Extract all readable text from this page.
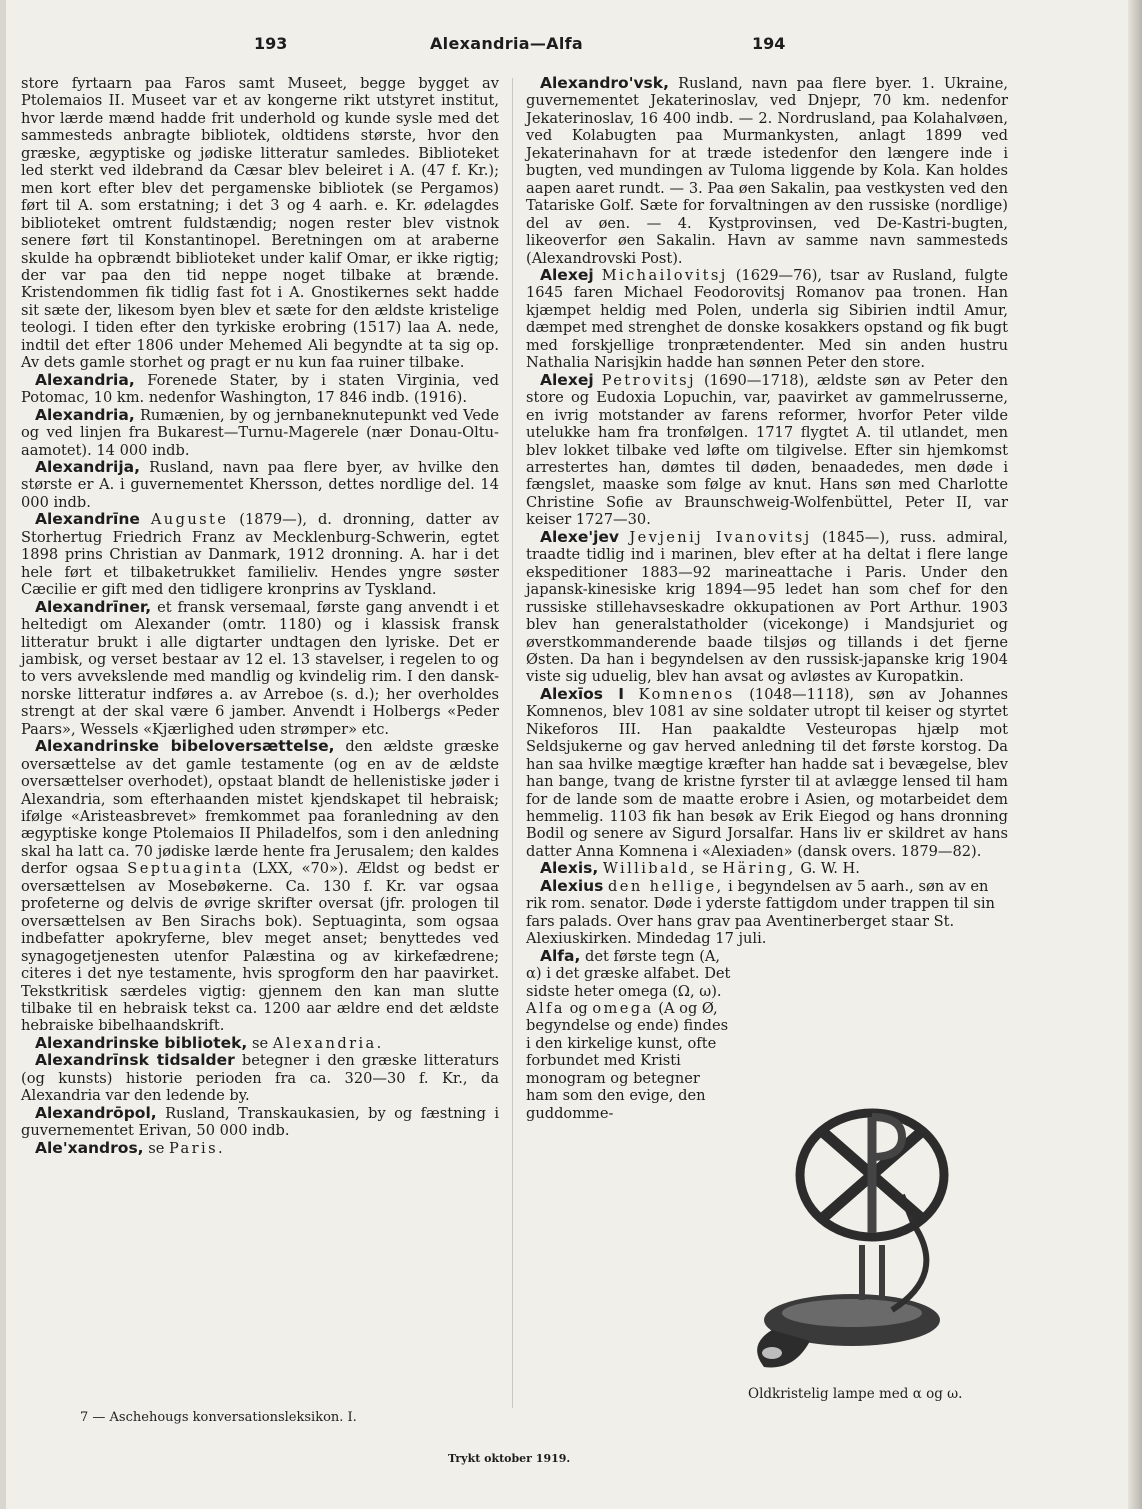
193	Alexandria—Alfa	194

store fyrtaarn paa Faros samt Museet, begge bygget av Ptolemaios II. Museet var et av kongerne rikt utstyret institut, hvor lærde mænd hadde frit underhold og kunde sysle med det sammesteds anbragte bibliotek, oldtidens største, hvor den græske, ægyptiske og jødiske litteratur samledes. Biblioteket led sterkt ved ildebrand da Cæsar blev beleiret i A. (47 f. Kr.); men kort efter blev det pergamenske bibliotek (se Pergamos) ført til A. som erstatning; i det 3 og 4 aarh. e. Kr. ødelagdes biblioteket omtrent fuldstændig; nogen rester blev vistnok senere ført til Konstantinopel. Beretningen om at araberne skulde ha opbrændt biblioteket under kalif Omar, er ikke rigtig; der var paa den tid neppe noget tilbake at brænde. Kristendommen fik tidlig fast fot i A. Gnostikernes sekt hadde sit sæte der, likesom byen blev et sæte for den ældste kristelige teologi. I tiden efter den tyrkiske erobring (1517) laa A. nede, indtil det efter 1806 under Mehemed Ali begyndte at ta sig op. Av dets gamle storhet og pragt er nu kun faa ruiner tilbake.

Alexandria, Forenede Stater, by i staten Virginia, ved Potomac, 10 km. nedenfor Washington, 17 846 indb. (1916).

Alexandria, Rumænien, by og jernbaneknutepunkt ved Vede og ved linjen fra Bukarest—Turnu-Magerele (nær Donau-Oltu-aamotet). 14 000 indb.

Alexandrija, Rusland, navn paa flere byer, av hvilke den største er A. i guvernementet Khersson, dettes nordlige del. 14 000 indb.

Alexandrīne Auguste (1879—), d. dronning, datter av Storhertug Friedrich Franz av Mecklenburg-Schwerin, egtet 1898 prins Christian av Danmark, 1912 dronning. A. har i det hele ført et tilbaketrukket familieliv. Hendes yngre søster Cæcilie er gift med den tidligere kronprins av Tyskland.

Alexandrīner, et fransk versemaal, første gang anvendt i et heltedigt om Alexander (omtr. 1180) og i klassisk fransk litteratur brukt i alle digtarter undtagen den lyriske. Det er jambisk, og verset bestaar av 12 el. 13 stavelser, i regelen to og to vers avvekslende med mandlig og kvindelig rim. I den dansk-norske litteratur indføres a. av Arreboe (s. d.); her overholdes strengt at der skal være 6 jamber. Anvendt i Holbergs «Peder Paars», Wessels «Kjærlighed uden strømper» etc.

Alexandrinske bibeloversættelse, den ældste græske oversættelse av det gamle testamente (og en av de ældste oversættelser overhodet), opstaat blandt de hellenistiske jøder i Alexandria, som efterhaanden mistet kjendskapet til hebraisk; ifølge «Aristeasbrevet» fremkommet paa foranledning av den ægyptiske konge Ptolemaios II Philadelfos, som i den anledning skal ha latt ca. 70 jødiske lærde hente fra Jerusalem; den kaldes derfor ogsaa Septuaginta (LXX, «70»). Ældst og bedst er oversættelsen av Mosebøkerne. Ca. 130 f. Kr. var ogsaa profeterne og delvis de øvrige skrifter oversat (jfr. prologen til oversættelsen av Ben Sirachs bok). Septuaginta, som ogsaa indbefatter apokryferne, blev meget anset; benyttedes ved synagogetjenesten utenfor Palæstina og av kirkefædrene; citeres i det nye testamente, hvis sprogform den har paavirket. Tekstkritisk særdeles vigtig: gjennem den kan man slutte tilbake til en hebraisk tekst ca. 1200 aar ældre end det ældste hebraiske bibelhaandskrift.

Alexandrinske bibliotek, se Alexandria.

Alexandrīnsk tidsalder betegner i den græske litteraturs (og kunsts) historie perioden fra ca. 320—30 f. Kr., da Alexandria var den ledende by.

Alexandrōpol, Rusland, Transkaukasien, by og fæstning i guvernementet Erivan, 50 000 indb.

Ale'xandros, se Paris.

Alexandro'vsk, Rusland, navn paa flere byer. 1. Ukraine, guvernementet Jekaterinoslav, ved Dnjepr, 70 km. nedenfor Jekaterinoslav, 16 400 indb. — 2. Nordrusland, paa Kolahalvøen, ved Kolabugten paa Murmankysten, anlagt 1899 ved Jekaterinahavn for at træde istedenfor den længere inde i bugten, ved mundingen av Tuloma liggende by Kola. Kan holdes aapen aaret rundt. — 3. Paa øen Sakalin, paa vestkysten ved den Tatariske Golf. Sæte for forvaltningen av den russiske (nordlige) del av øen. — 4. Kystprovinsen, ved De-Kastri-bugten, likeoverfor øen Sakalin. Havn av samme navn sammesteds (Alexandrovski Post).

Alexej Michailovitsj (1629—76), tsar av Rusland, fulgte 1645 faren Michael Feodorovitsj Romanov paa tronen. Han kjæmpet heldig med Polen, underla sig Sibirien indtil Amur, dæmpet med strenghet de donske kosakkers opstand og fik bugt med forskjellige tronprætendenter. Med sin anden hustru Nathalia Narisjkin hadde han sønnen Peter den store.

Alexej Petrovitsj (1690—1718), ældste søn av Peter den store og Eudoxia Lopuchin, var, paavirket av gammelrusserne, en ivrig motstander av farens reformer, hvorfor Peter vilde utelukke ham fra tronfølgen. 1717 flygtet A. til utlandet, men blev lokket tilbake ved løfte om tilgivelse. Efter sin hjemkomst arrestertes han, dømtes til døden, benaadedes, men døde i fængslet, maaske som følge av knut. Hans søn med Charlotte Christine Sofie av Braunschweig-Wolfenbüttel, Peter II, var keiser 1727—30.

Alexe'jev Jevjenij Ivanovitsj (1845—), russ. admiral, traadte tidlig ind i marinen, blev efter at ha deltat i flere lange ekspeditioner 1883—92 marineattache i Paris. Under den japansk-kinesiske krig 1894—95 ledet han som chef for den russiske stillehavseskadre okkupationen av Port Arthur. 1903 blev han generalstatholder (vicekonge) i Mandsjuriet og øverstkommanderende baade tilsjøs og tillands i det fjerne Østen. Da han i begyndelsen av den russisk-japanske krig 1904 viste sig uduelig, blev han avsat og avløstes av Kuropatkin.

Alexīos I Komnenos (1048—1118), søn av Johannes Komnenos, blev 1081 av sine soldater utropt til keiser og styrtet Nikeforos III. Han paakaldte Vesteuropas hjælp mot Seldsjukerne og gav herved anledning til det første korstog. Da han saa hvilke mægtige kræfter han hadde sat i bevægelse, blev han bange, tvang de kristne fyrster til at avlægge lensed til ham for de lande som de maatte erobre i Asien, og motarbeidet dem hemmelig. 1103 fik han besøk av Erik Eiegod og hans dronning Bodil og senere av Sigurd Jorsalfar. Hans liv er skildret av hans datter Anna Komnena i «Alexiaden» (dansk overs. 1879—82).

Alexis, Willibald, se Häring, G. W. H.

Alexius den hellige, i begyndelsen av 5 aarh., søn av en rik rom. senator. Døde i yderste fattigdom under trappen til sin fars palads. Over hans grav paa Aventinerberget staar St. Alexiuskirken. Mindedag 17 juli.

Alfa, det første tegn (A, α) i det græske alfabet. Det sidste heter omega (Ω, ω). Alfa og omega (A og Ø, begyndelse og ende) findes i den kirkelige kunst, ofte forbundet med Kristi monogram og betegner ham som den evige, den guddomme-

Oldkristelig lampe med α og ω.
7 — Aschehougs konversationsleksikon. I.
Trykt oktober 1919.
